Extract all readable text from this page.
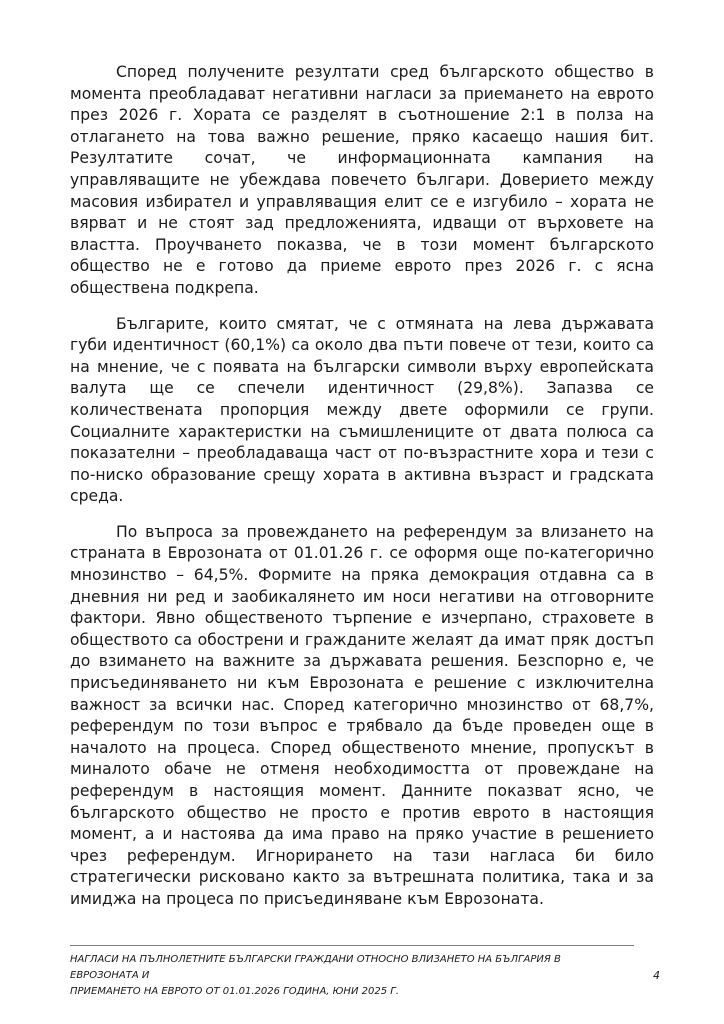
Според получените резултати сред българското общество в момента преобладават негативни нагласи за приемането на еврото през 2026 г. Хората се разделят в съотношение 2:1 в полза на отлагането на това важно решение, пряко касаещо нашия бит. Резултатите сочат, че информационната кампания на управляващите не убеждава повечето българи. Доверието между масовия избирател и управляващия елит се е изгубило – хората не вярват и не стоят зад предложенията, идващи от върховете на властта. Проучването показва, че в този момент българското общество не е готово да приеме еврото през 2026 г. с ясна обществена подкрепа.

Българите, които смятат, че с отмяната на лева държавата губи идентичност (60,1%) са около два пъти повече от тези, които са на мнение, че с появата на български символи върху европейската валута ще се спечели идентичност (29,8%). Запазва се количествената пропорция между двете оформили се групи. Социалните характеристки на съмишлениците от двата полюса са показателни – преобладаваща част от по-възрастните хора и тези с по-ниско образование срещу хората в активна възраст и градската среда.

По въпроса за провеждането на референдум за влизането на страната в Еврозоната от 01.01.26 г. се оформя още по-категорично мнозинство – 64,5%. Формите на пряка демокрация отдавна са в дневния ни ред и заобикалянето им носи негативи на отговорните фактори. Явно общественото търпение е изчерпано, страховете в обществото са обострени и гражданите желаят да имат пряк достъп до взимането на важните за държавата решения. Безспорно е, че присъединяването ни към Еврозоната е решение с изключителна важност за всички нас. Според категорично мнозинство от 68,7%, референдум по този въпрос е трябвало да бъде проведен още в началото на процеса. Според общественото мнение, пропускът в миналото обаче не отменя необходимостта от провеждане на референдум в настоящия момент. Данните показват ясно, че българското общество не просто е против еврото в настоящия момент, а и настоява да има право на пряко участие в решението чрез референдум. Игнорирането на тази нагласа би било стратегически рисковано както за вътрешната политика, така и за имиджа на процеса по присъединяване към Еврозоната.

НАГЛАСИ НА ПЪЛНОЛЕТНИТЕ БЪЛГАРСКИ ГРАЖДАНИ ОТНОСНО ВЛИЗАНЕТО НА БЪЛГАРИЯ В ЕВРОЗОНАТА И
ПРИЕМАНЕТО НА ЕВРОТО ОТ 01.01.2026 ГОДИНА, ЮНИ 2025 Г.
4
